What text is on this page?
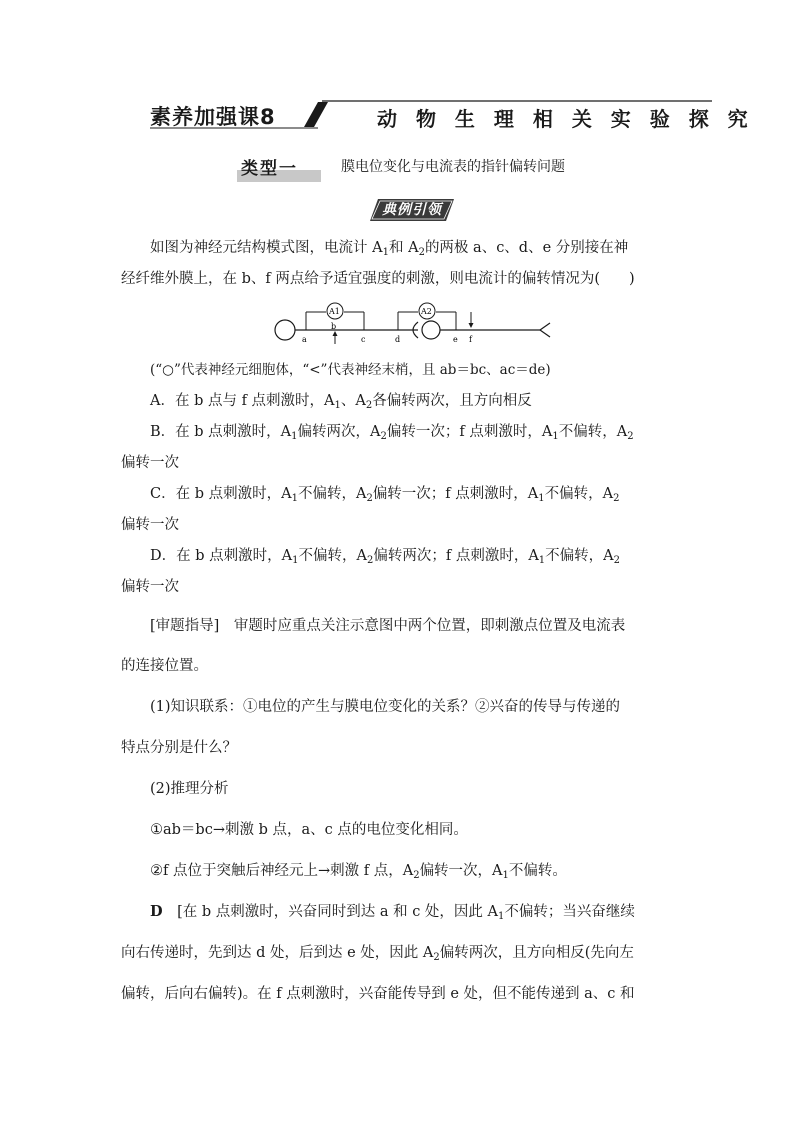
素养加强课8	动 物 生 理 相 关 实 验 探 究
类型一	膜电位变化与电流表的指针偏转问题
典例引领
如图为神经元结构模式图，电流计 $A_1$和 $A_2$的两极 a、c、d、e 分别接在神
经纤维外膜上，在 b、f 两点给予适宜强度的刺激，则电流计的偏转情况为(　　)
A1	A2
a
b
c	d	e f
(“○”代表神经元细胞体，“<”代表神经末梢，且 ab＝bc、ac＝de)
A．在 b 点与 f 点刺激时，$A_1$、$A_2$各偏转两次，且方向相反
B．在 b 点刺激时，$A_1$偏转两次，$A_2$偏转一次；f 点刺激时，$A_1$不偏转，$A_2$
偏转一次
C．在 b 点刺激时，$A_1$不偏转，$A_2$偏转一次；f 点刺激时，$A_1$不偏转，$A_2$
偏转一次
D．在 b 点刺激时，$A_1$不偏转，$A_2$偏转两次；f 点刺激时，$A_1$不偏转，$A_2$
偏转一次
[审题指导]　审题时应重点关注示意图中两个位置，即刺激点位置及电流表
的连接位置。
(1)知识联系：①电位的产生与膜电位变化的关系？②兴奋的传导与传递的
特点分别是什么？
(2)推理分析
①ab＝bc→刺激 b 点，a、c 点的电位变化相同。
②f 点位于突触后神经元上→刺激 f 点，$A_2$偏转一次，$A_1$不偏转。
D　[在 b 点刺激时，兴奋同时到达 a 和 c 处，因此 $A_1$不偏转；当兴奋继续
向右传递时，先到达 d 处，后到达 e 处，因此 $A_2$偏转两次，且方向相反(先向左
偏转，后向右偏转)。在 f 点刺激时，兴奋能传导到 e 处，但不能传递到 a、c 和
